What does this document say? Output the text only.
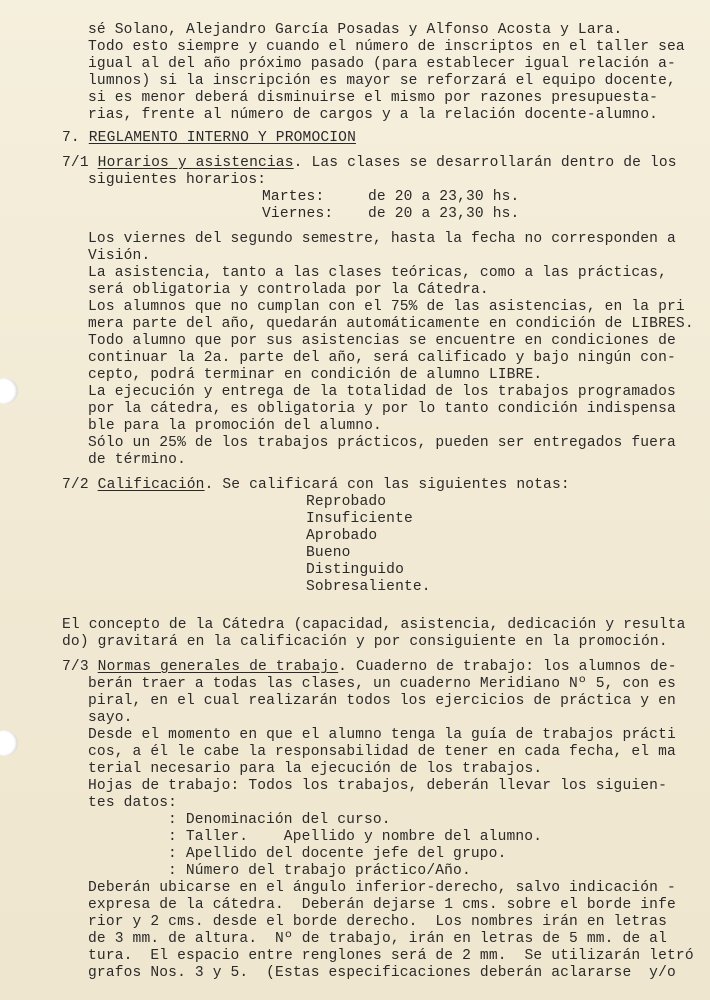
sé Solano, Alejandro García Posadas y Alfonso Acosta y Lara.
Todo esto siempre y cuando el número de inscriptos en el taller sea
igual al del año próximo pasado (para establecer igual relación a-
lumnos) si la inscripción es mayor se reforzará el equipo docente,
si es menor deberá disminuirse el mismo por razones presupuesta-
rias, frente al número de cargos y a la relación docente-alumno.
7. REGLAMENTO INTERNO Y PROMOCION
7/1 Horarios y asistencias. Las clases se desarrollarán dentro de los
siguientes horarios:
Martes:	de 20 a 23,30 hs.
Viernes: de 20 a 23,30 hs.
Los viernes del segundo semestre, hasta la fecha no corresponden a
Visión.
La asistencia, tanto a las clases teóricas, como a las prácticas,
será obligatoria y controlada por la Cátedra.
Los alumnos que no cumplan con el 75% de las asistencias, en la pri
mera parte del año, quedarán automáticamente en condición de LIBRES.
Todo alumno que por sus asistencias se encuentre en condiciones de
continuar la 2a. parte del año, será calificado y bajo ningún con-
cepto, podrá terminar en condición de alumno LIBRE.
La ejecución y entrega de la totalidad de los trabajos programados
por la cátedra, es obligatoria y por lo tanto condición indispensa
ble para la promoción del alumno.
Sólo un 25% de los trabajos prácticos, pueden ser entregados fuera
de término.
7/2 Calificación. Se calificará con las siguientes notas:
Reprobado
Insuficiente
Aprobado
Bueno
Distinguido
Sobresaliente.
El concepto de la Cátedra (capacidad, asistencia, dedicación y resulta
do) gravitará en la calificación y por consiguiente en la promoción.
7/3 Normas generales de trabajo. Cuaderno de trabajo: los alumnos de-
berán traer a todas las clases, un cuaderno Meridiano Nº 5, con es
piral, en el cual realizarán todos los ejercicios de práctica y en
sayo.
Desde el momento en que el alumno tenga la guía de trabajos prácti
cos, a él le cabe la responsabilidad de tener en cada fecha, el ma
terial necesario para la ejecución de los trabajos.
Hojas de trabajo: Todos los trabajos, deberán llevar los siguien-
tes datos:
: Denominación del curso.
: Taller.    Apellido y nombre del alumno.
: Apellido del docente jefe del grupo.
: Número del trabajo práctico/Año.
Deberán ubicarse en el ángulo inferior-derecho, salvo indicación -
expresa de la cátedra.  Deberán dejarse 1 cms. sobre el borde infe
rior y 2 cms. desde el borde derecho.  Los nombres irán en letras
de 3 mm. de altura.  Nº de trabajo, irán en letras de 5 mm. de al
tura.  El espacio entre renglones será de 2 mm.  Se utilizarán letró
grafos Nos. 3 y 5.  (Estas especificaciones deberán aclararse  y/o
